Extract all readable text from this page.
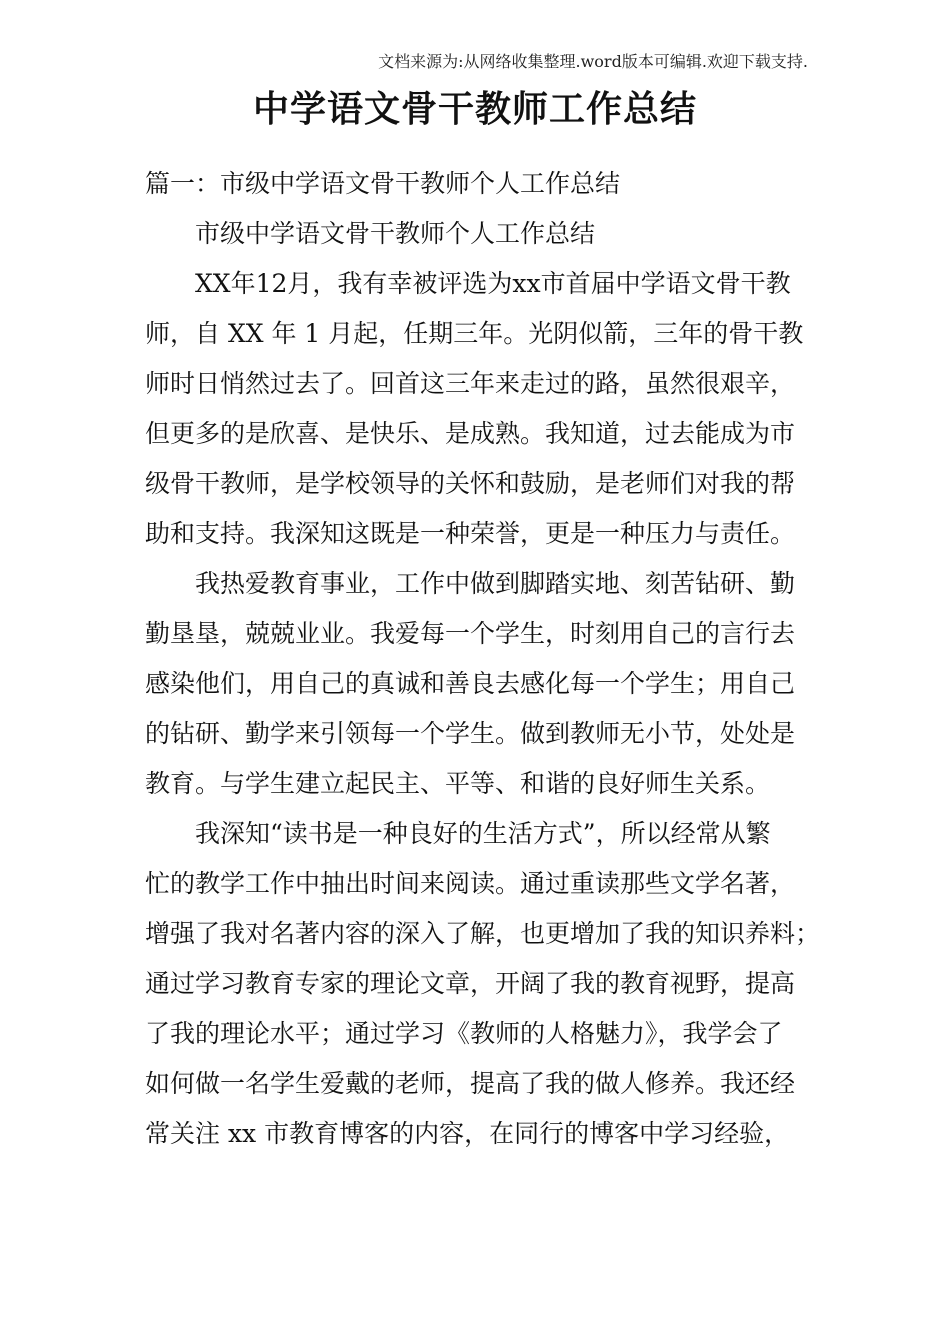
文档来源为:从网络收集整理.word版本可编辑.欢迎下载支持.
中学语文骨干教师工作总结
篇一：市级中学语文骨干教师个人工作总结
市级中学语文骨干教师个人工作总结
XX年12月，我有幸被评选为xx市首届中学语文骨干教
师，自 XX 年 1 月起，任期三年。光阴似箭，三年的骨干教
师时日悄然过去了。回首这三年来走过的路，虽然很艰辛，
但更多的是欣喜、是快乐、是成熟。我知道，过去能成为市
级骨干教师，是学校领导的关怀和鼓励，是老师们对我的帮
助和支持。我深知这既是一种荣誉，更是一种压力与责任。
我热爱教育事业，工作中做到脚踏实地、刻苦钻研、勤
勤垦垦，兢兢业业。我爱每一个学生，时刻用自己的言行去
感染他们，用自己的真诚和善良去感化每一个学生；用自己
的钻研、勤学来引领每一个学生。做到教师无小节，处处是
教育。与学生建立起民主、平等、和谐的良好师生关系。
我深知“读书是一种良好的生活方式”，所以经常从繁
忙的教学工作中抽出时间来阅读。通过重读那些文学名著，
增强了我对名著内容的深入了解，也更增加了我的知识养料；
通过学习教育专家的理论文章，开阔了我的教育视野，提高
了我的理论水平；通过学习《教师的人格魅力》，我学会了
如何做一名学生爱戴的老师，提高了我的做人修养。我还经
常关注 xx 市教育博客的内容，在同行的博客中学习经验，
